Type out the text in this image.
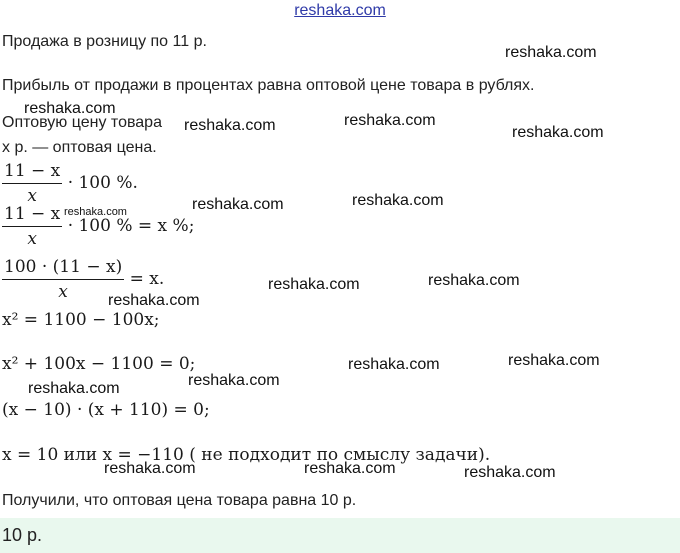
reshaka.com
Продажа в розницу по 11 р.
Прибыль от продажи в процентах равна оптовой цене товара в рублях.
Оптовую цену товара
x р. — оптовая цена.
$\frac{11 - x}{x} \cdot 100$ %.
$\frac{11 - x}{x} \cdot 100$ % = x %;
$\frac{100 \cdot (11 - x)}{x} = x$.
x² = 1100 − 100x;
x² + 100x − 1100 = 0;
(x − 10) · (x + 110) = 0;
x = 10 или x = −110 ( не подходит по смыслу задачи).
Получили, что оптовая цена товара равна 10 р.
10 р.
reshaka.com
reshaka.com
reshaka.com	reshaka.com
reshaka.com
reshaka.com	reshaka.com	reshaka.com
reshaka.com
reshaka.com	reshaka.com
reshaka.com	reshaka.com
reshaka.com	reshaka.com
reshaka.com	reshaka.com	reshaka.com
